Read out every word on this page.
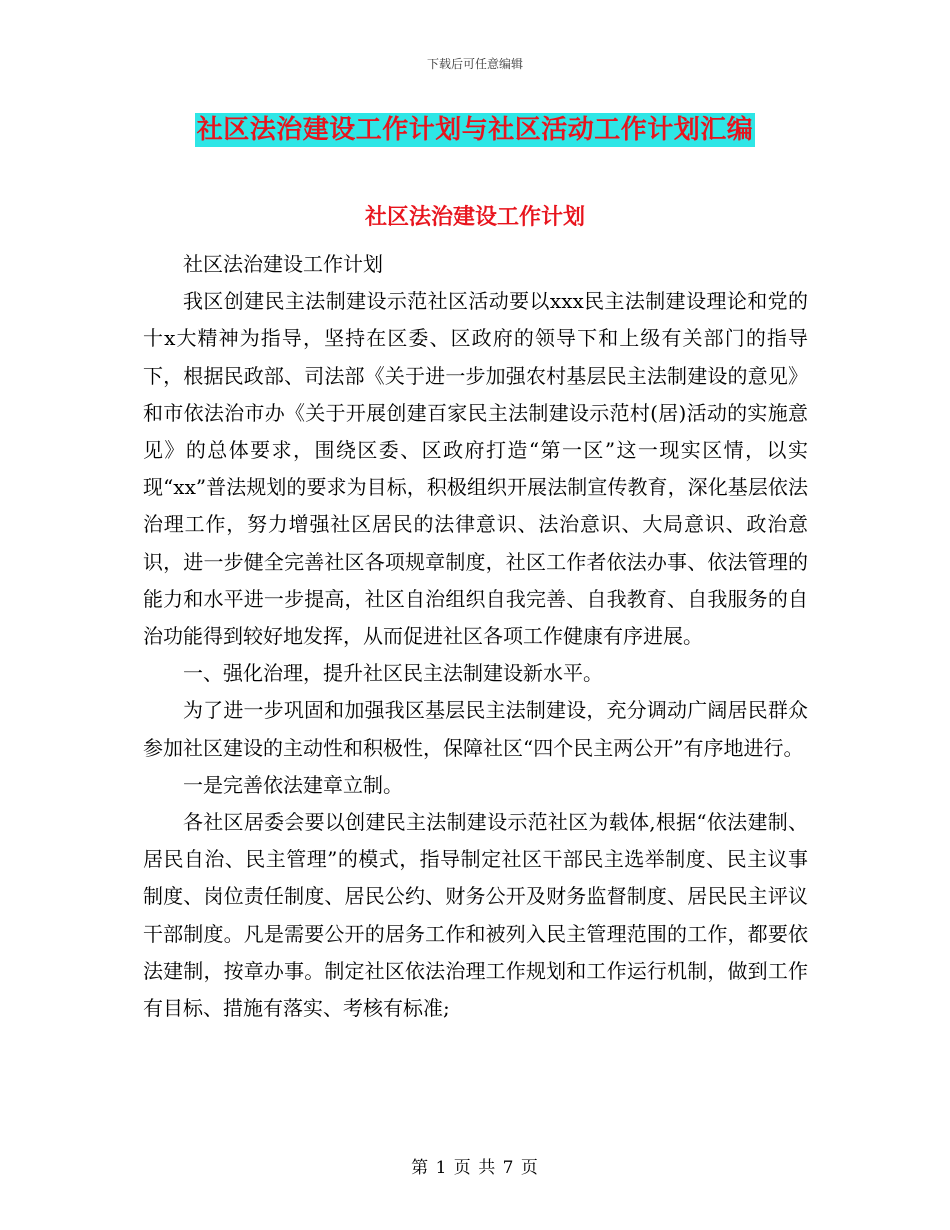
下载后可任意编辑
社区法治建设工作计划与社区活动工作计划汇编
社区法治建设工作计划

社区法治建设工作计划

我区创建民主法制建设示范社区活动要以xxx民主法制建设理论和党的十x大精神为指导，坚持在区委、区政府的领导下和上级有关部门的指导下，根据民政部、司法部《关于进一步加强农村基层民主法制建设的意见》和市依法治市办《关于开展创建百家民主法制建设示范村(居)活动的实施意见》的总体要求，围绕区委、区政府打造“第一区”这一现实区情，以实现“xx”普法规划的要求为目标，积极组织开展法制宣传教育，深化基层依法治理工作，努力增强社区居民的法律意识、法治意识、大局意识、政治意识，进一步健全完善社区各项规章制度，社区工作者依法办事、依法管理的能力和水平进一步提高，社区自治组织自我完善、自我教育、自我服务的自治功能得到较好地发挥，从而促进社区各项工作健康有序进展。

一、强化治理，提升社区民主法制建设新水平。

为了进一步巩固和加强我区基层民主法制建设，充分调动广阔居民群众参加社区建设的主动性和积极性，保障社区“四个民主两公开”有序地进行。

一是完善依法建章立制。

各社区居委会要以创建民主法制建设示范社区为载体,根据“依法建制、居民自治、民主管理”的模式，指导制定社区干部民主选举制度、民主议事制度、岗位责任制度、居民公约、财务公开及财务监督制度、居民民主评议干部制度。凡是需要公开的居务工作和被列入民主管理范围的工作，都要依法建制，按章办事。制定社区依法治理工作规划和工作运行机制，做到工作有目标、措施有落实、考核有标准;

第 1 页 共 7 页
